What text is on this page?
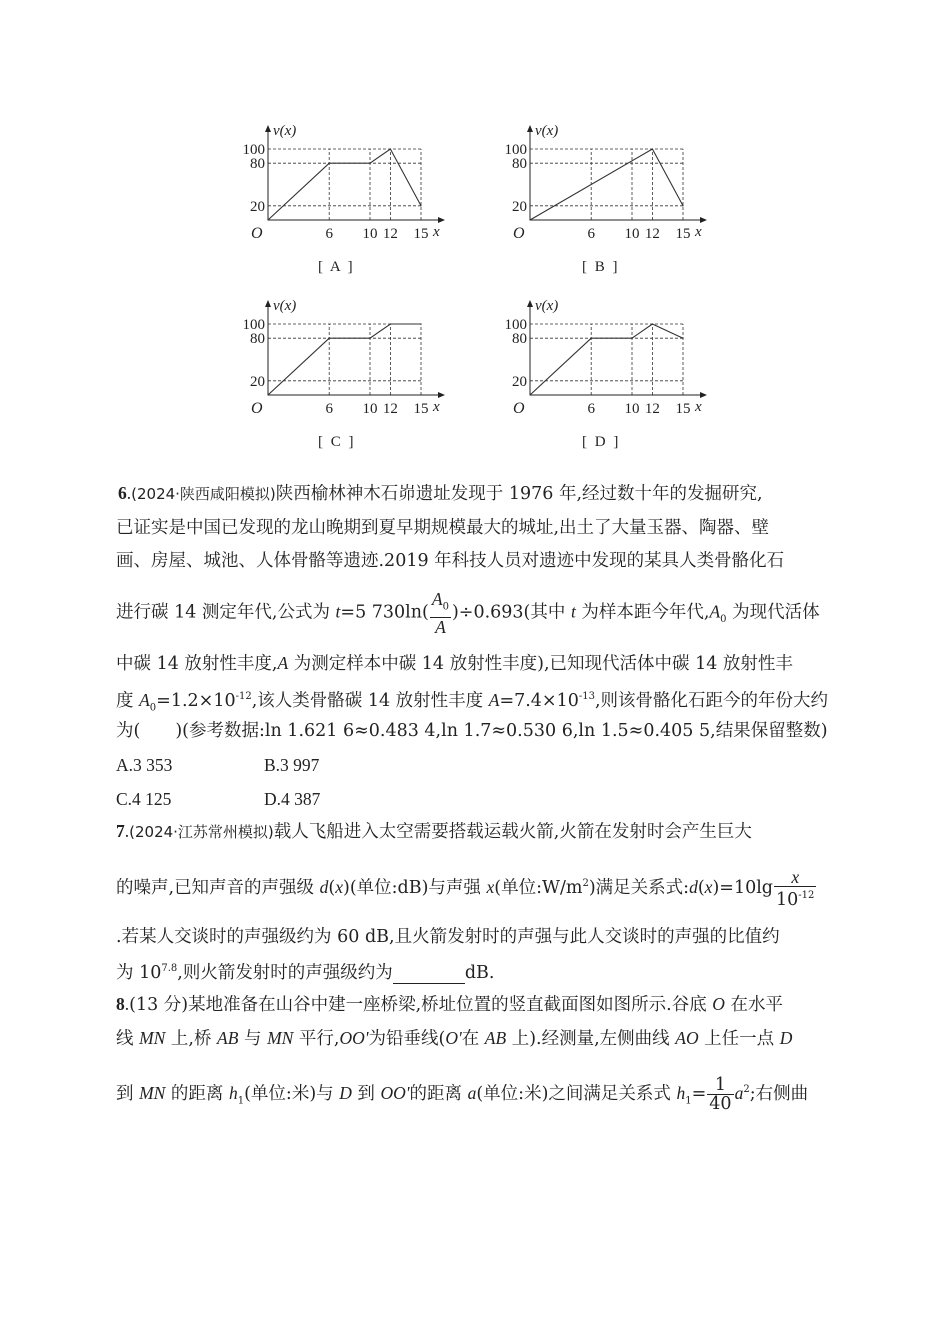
v(x)
x
O	6 10 12 15
100
80
20
v(x)
x
O	6 10 12 15
100
80
20
v(x)
x
O	6 10 12 15
100
80
20
v(x)
x
O	6 10 12 15
100
80
20
[ A ]	[ B ]
[ C ]	[ D ]
6.(2024·陕西咸阳模拟)陕西榆林神木石峁遗址发现于 1976 年,经过数十年的发掘研究,
已证实是中国已发现的龙山晚期到夏早期规模最大的城址,出土了大量玉器、陶器、壁
画、房屋、城池、人体骨骼等遗迹.2019 年科技人员对遗迹中发现的某具人类骨骼化石
进行碳 14 测定年代,公式为 t=5 $730\ln( \frac{A_0}{A} )\div 0.693$(其中 t 为样本距今年代$,A_0$ 为现代活体
中碳 14 放射性丰度,A 为测定样本中碳 14 放射性丰度),已知现代活体中碳 14 放射性丰
度 $A_0=1.2\times 10^{-12}$,该人类骨骼碳 14 放射性丰度 $A=7.4\times 10^{-13}$,则该骨骼化石距今的年份大约
为(　　)(参考数据:ln 1.621 6≈0.483 4,ln 1.7≈0.530 6,ln 1.5≈0.405 5,结果保留整数)
A.3 353	B.3 997
C.4 125	D.4 387
7.(2024·江苏常州模拟)载人飞船进入太空需要搭载运载火箭,火箭在发射时会产生巨大
的噪声,已知声音的声强级 d(x)(单位:dB)与声强 x(单位$:W/m^2$)满足关系式:d(x)=10lg $\frac{x}{10^{-12}}$
.若某人交谈时的声强级约为 60 dB,且火箭发射时的声强与此人交谈时的声强的比值约
为 $10^{7.8}$,则火箭发射时的声强级约为	dB.
8.(13 分)某地准备在山谷中建一座桥梁,桥址位置的竖直截面图如图所示.谷底 O 在水平
线 MN 上,桥 AB 与 MN 平行,OO'为铅垂线(O'在 AB 上).经测量,左侧曲线 AO 上任一点 D
到 MN 的距离 $h_1$(单位:米)与 D 到 OO'的距离 a(单位:米)之间满足关系式 $h_1= \frac{1}{40} a^2$;右侧曲
